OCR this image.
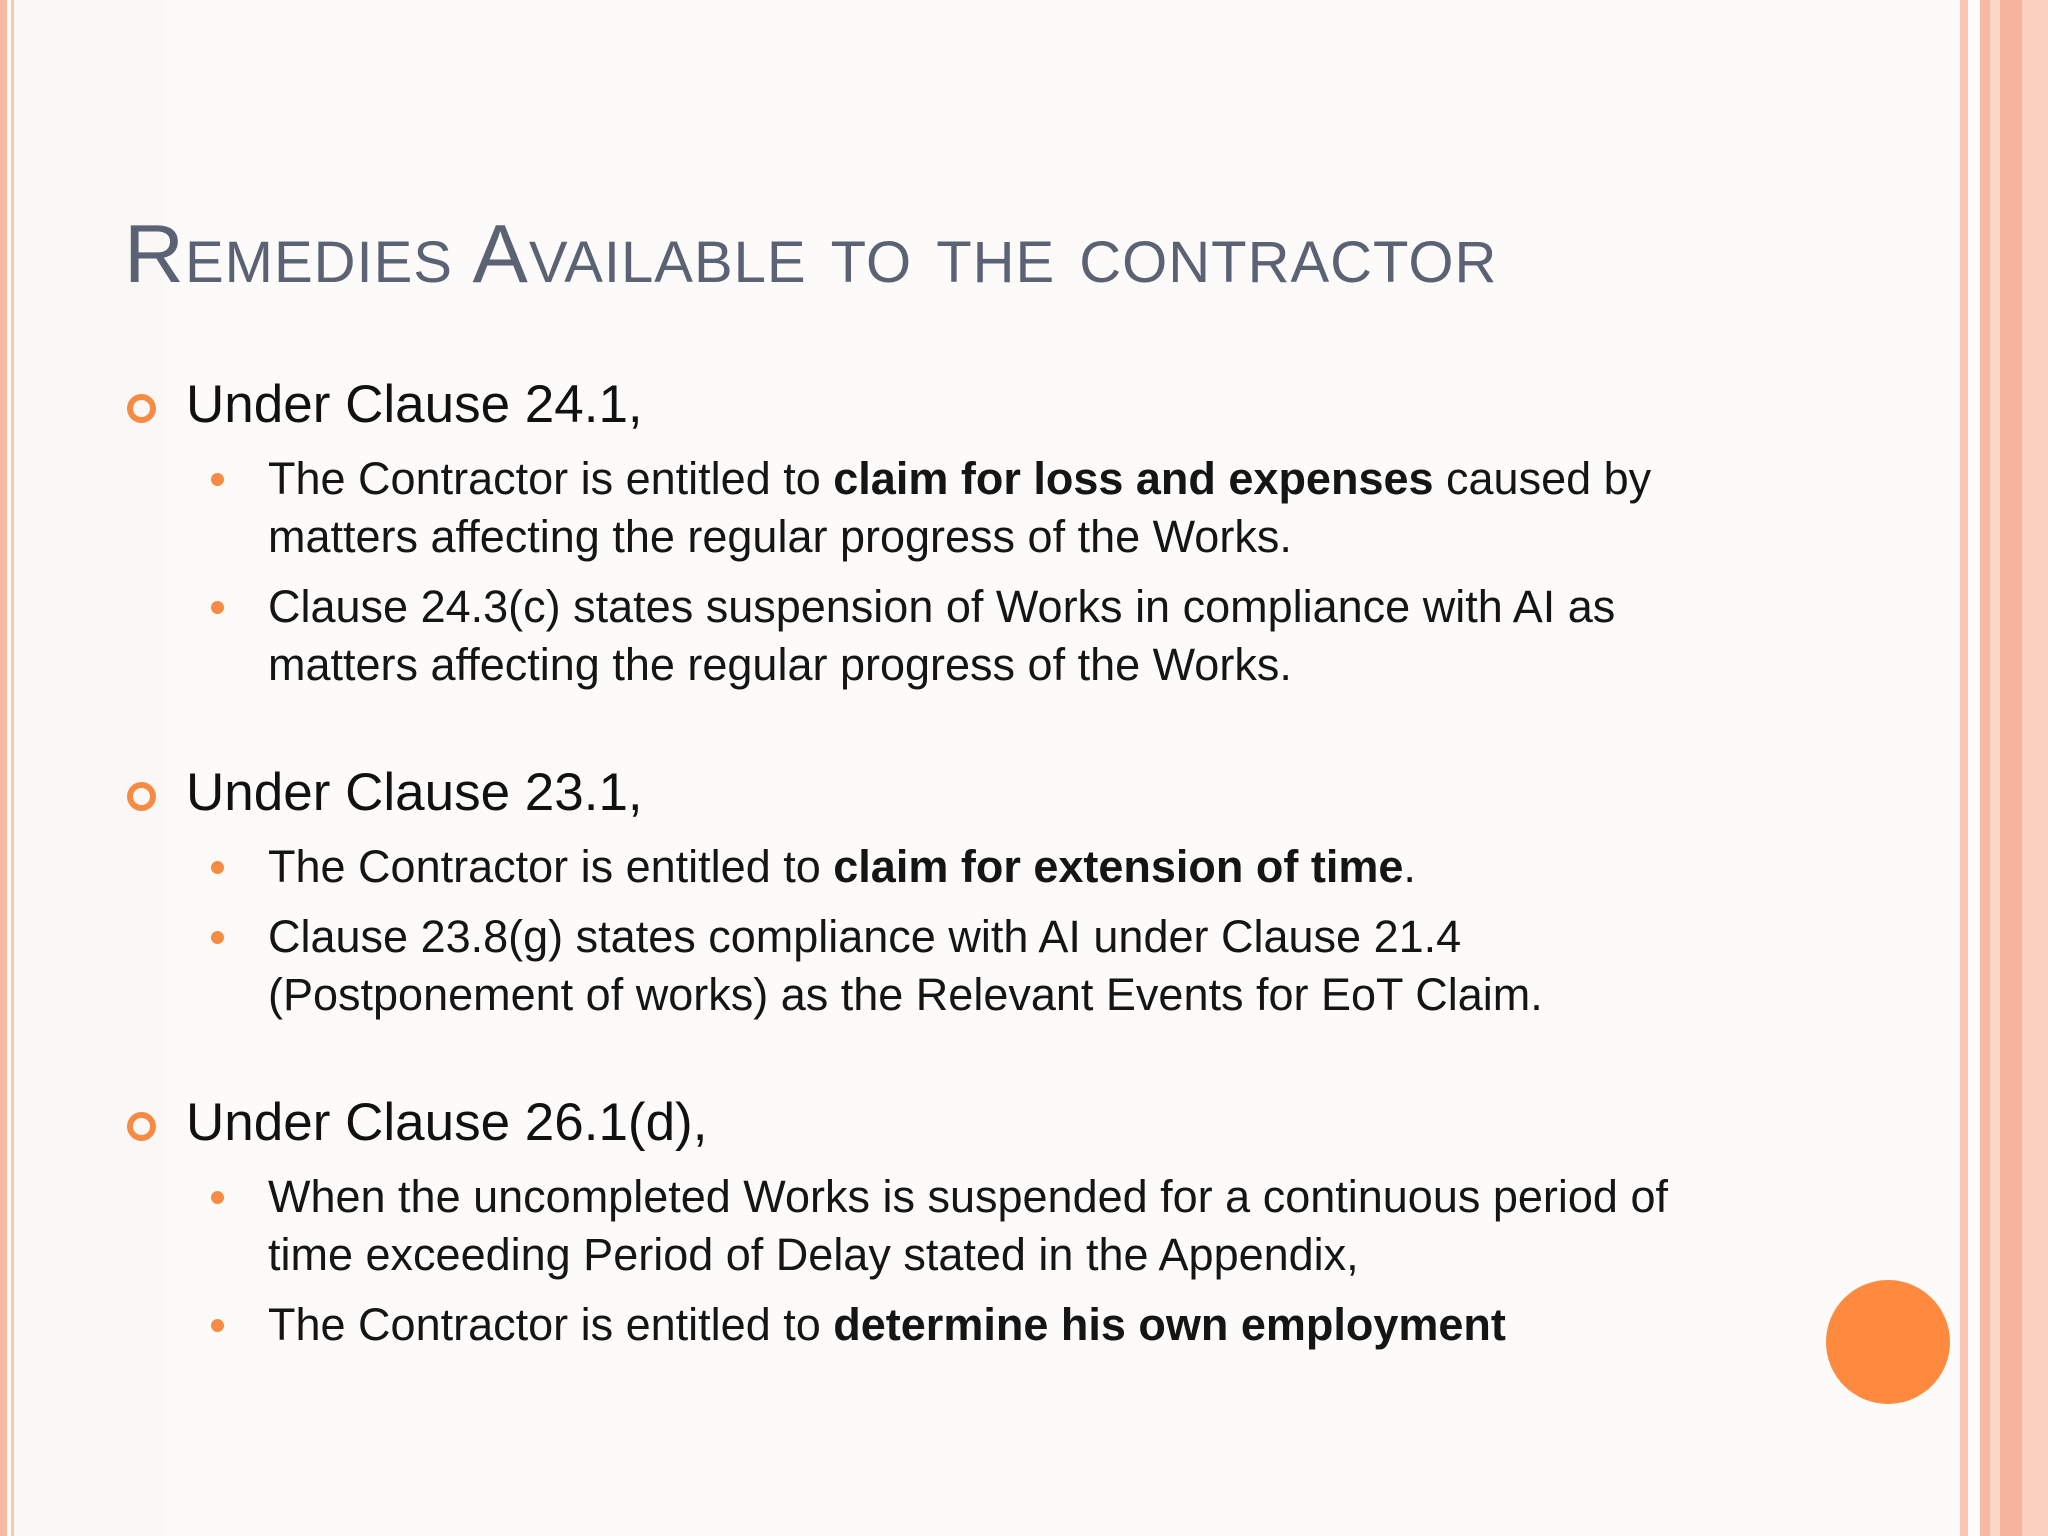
Remedies Available to the contractor
Under Clause 24.1,
The Contractor is entitled to claim for loss and expenses caused by matters affecting the regular progress of the Works.
Clause 24.3(c) states suspension of Works in compliance with AI as matters affecting the regular progress of the Works.
Under Clause 23.1,
The Contractor is entitled to claim for extension of time.
Clause 23.8(g) states compliance with AI under Clause 21.4 (Postponement of works) as the Relevant Events for EoT Claim.
Under Clause 26.1(d),
When the uncompleted Works is suspended for a continuous period of time exceeding Period of Delay stated in the Appendix,
The Contractor is entitled to determine his own employment
